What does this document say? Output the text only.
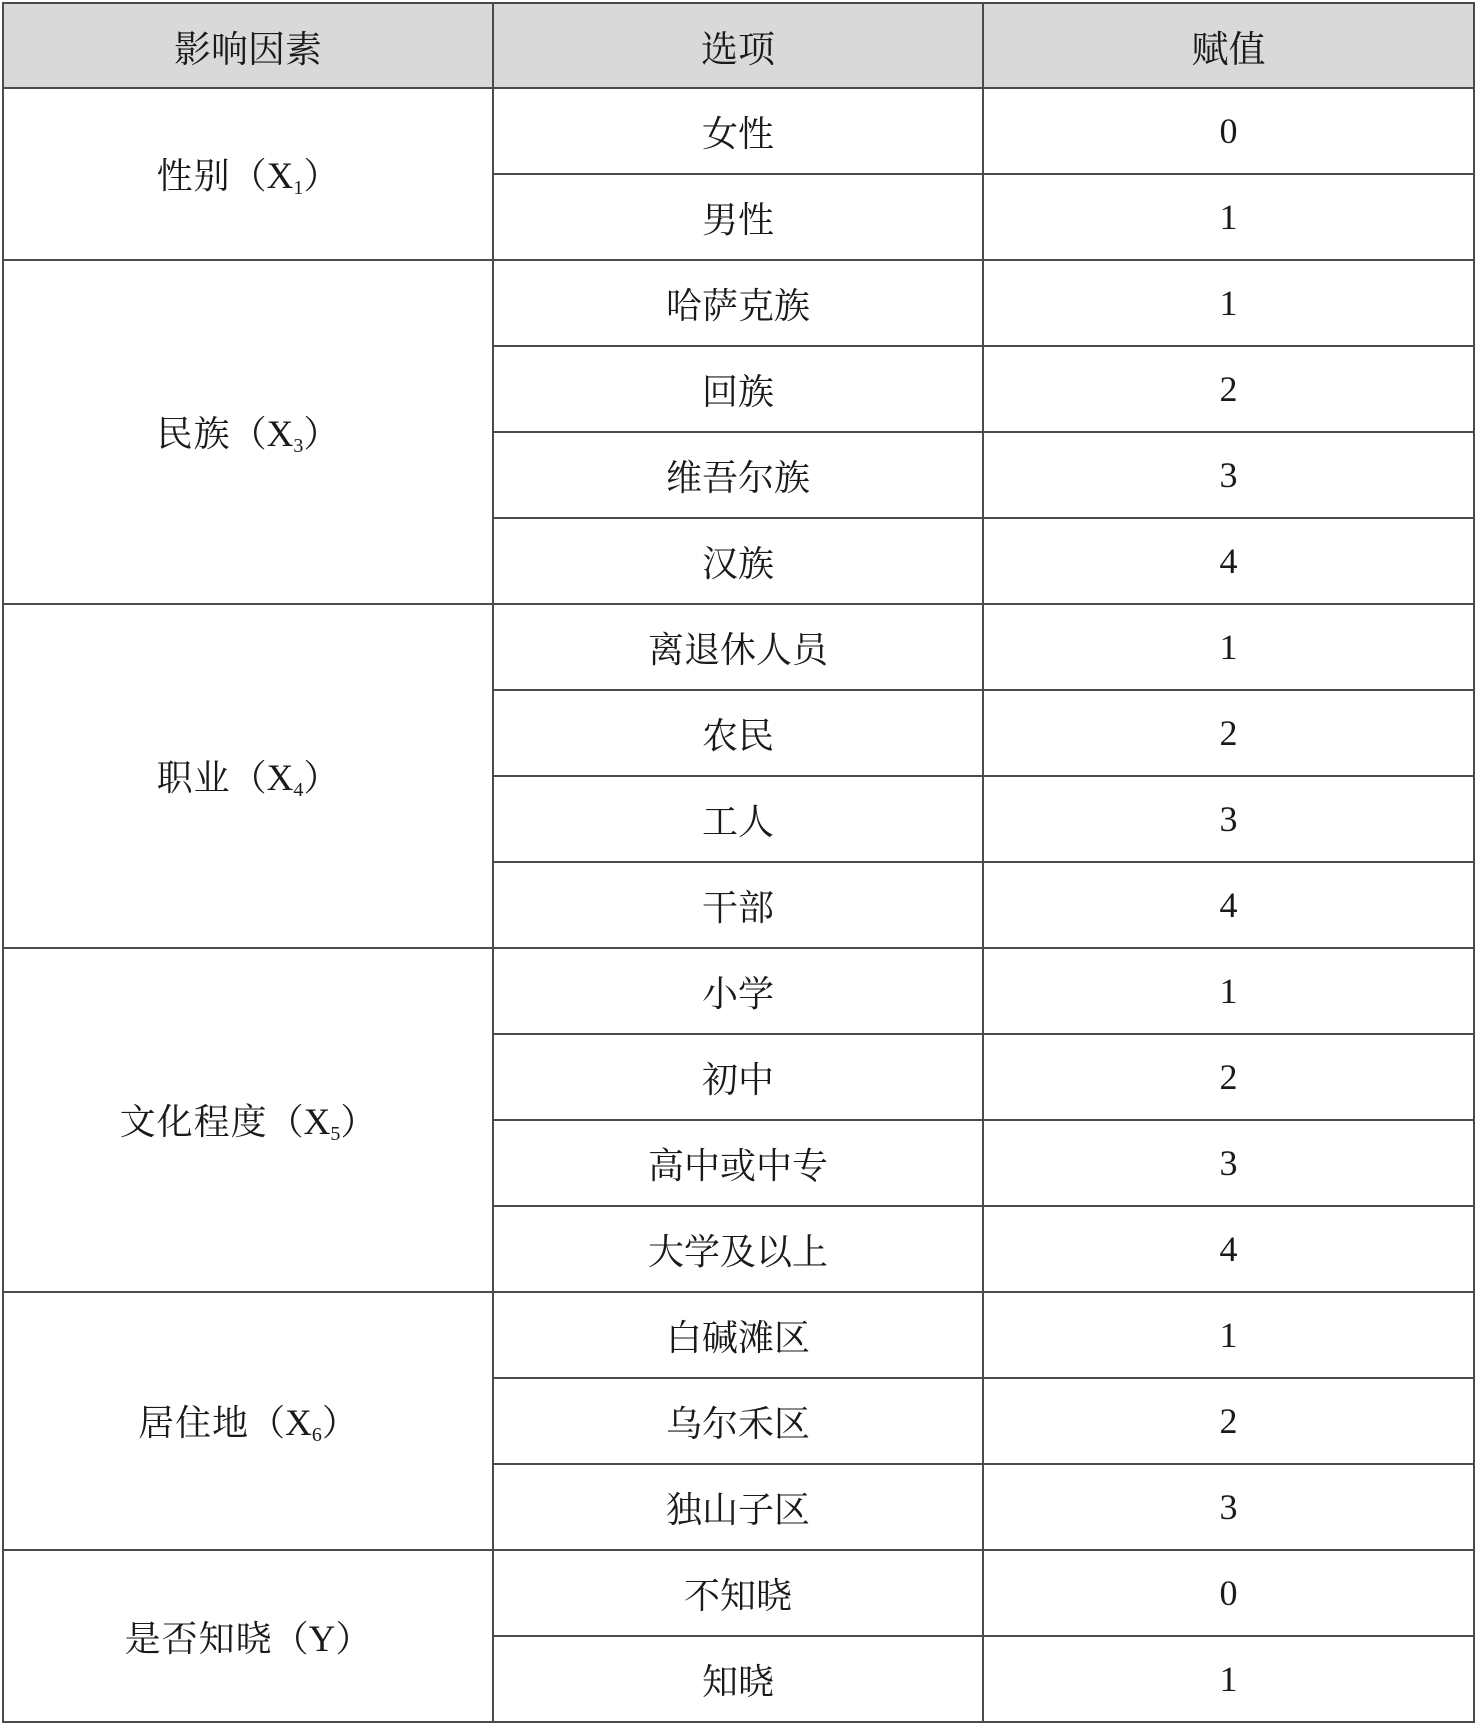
影响因素	选项	赋值
性别（X1）	女性	0
	男性	1
民族（X3）	哈萨克族	1
	回族	2
	维吾尔族	3
	汉族	4
职业（X4）	离退休人员	1
	农民	2
	工人	3
	干部	4
文化程度（X5）	小学	1
	初中	2
	高中或中专	3
	大学及以上	4
居住地（X6）	白碱滩区	1
	乌尔禾区	2
	独山子区	3
是否知晓（Y）	不知晓	0
	知晓	1
